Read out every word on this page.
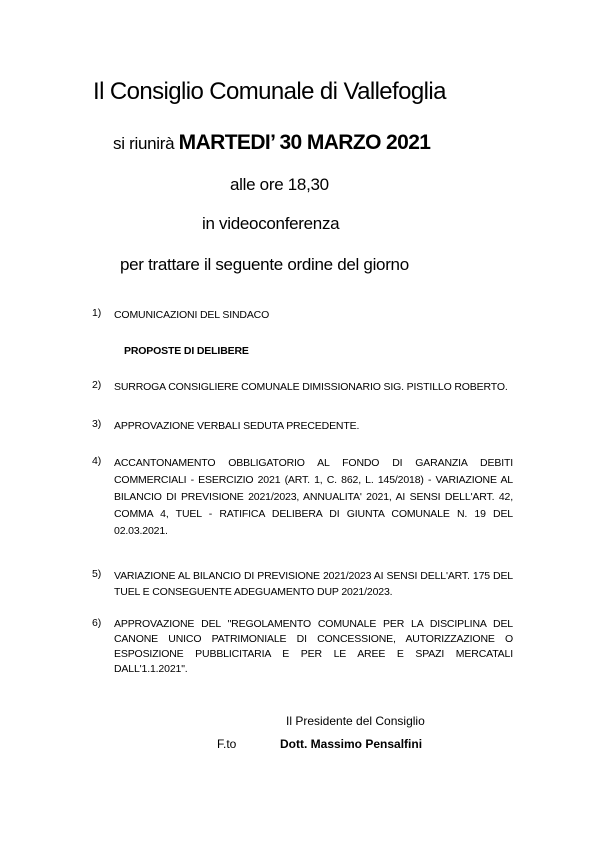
Il Consiglio Comunale di Vallefoglia
si riunirà MARTEDI’ 30 MARZO 2021
alle ore 18,30
in videoconferenza
per trattare il seguente ordine del giorno
1)	COMUNICAZIONI DEL SINDACO
PROPOSTE DI DELIBERE
2)	SURROGA CONSIGLIERE COMUNALE DIMISSIONARIO SIG. PISTILLO ROBERTO.
3)	APPROVAZIONE VERBALI SEDUTA PRECEDENTE.
4)	ACCANTONAMENTO OBBLIGATORIO AL FONDO DI GARANZIA DEBITI COMMERCIALI - ESERCIZIO 2021 (ART. 1, C. 862, L. 145/2018) - VARIAZIONE AL BILANCIO DI PREVISIONE 2021/2023, ANNUALITA' 2021, AI SENSI DELL'ART. 42, COMMA 4, TUEL - RATIFICA DELIBERA DI GIUNTA COMUNALE N. 19 DEL 02.03.2021.
5)	VARIAZIONE AL BILANCIO DI PREVISIONE 2021/2023 AI SENSI DELL'ART. 175 DEL TUEL E CONSEGUENTE ADEGUAMENTO DUP 2021/2023.
6)	APPROVAZIONE DEL "REGOLAMENTO COMUNALE PER LA DISCIPLINA DEL CANONE UNICO PATRIMONIALE DI CONCESSIONE, AUTORIZZAZIONE O ESPOSIZIONE PUBBLICITARIA E PER LE AREE E SPAZI MERCATALI DALL'1.1.2021".
Il Presidente del Consiglio
F.to	Dott. Massimo Pensalfini
